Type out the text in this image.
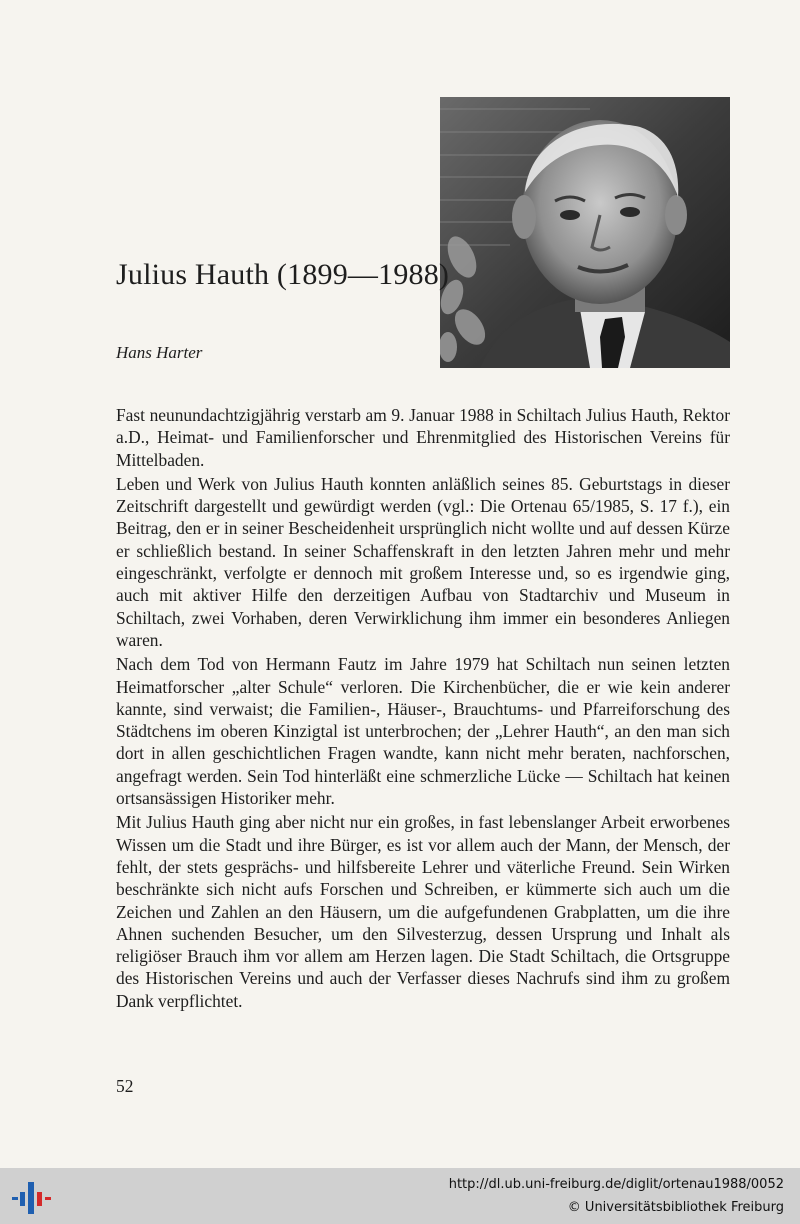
Julius Hauth (1899—1988)
Hans Harter

Fast neunundachtzigjährig verstarb am 9. Januar 1988 in Schiltach Julius Hauth, Rektor a.D., Heimat- und Familienforscher und Ehrenmitglied des Historischen Vereins für Mittelbaden.

Leben und Werk von Julius Hauth konnten anläßlich seines 85. Geburtstags in dieser Zeitschrift dargestellt und gewürdigt werden (vgl.: Die Ortenau 65/1985, S. 17 f.), ein Beitrag, den er in seiner Bescheidenheit ursprünglich nicht wollte und auf dessen Kürze er schließlich bestand. In seiner Schaffenskraft in den letzten Jahren mehr und mehr eingeschränkt, verfolgte er dennoch mit großem Interesse und, so es irgendwie ging, auch mit aktiver Hilfe den derzeitigen Aufbau von Stadtarchiv und Museum in Schiltach, zwei Vorhaben, deren Verwirklichung ihm immer ein besonderes Anliegen waren.

Nach dem Tod von Hermann Fautz im Jahre 1979 hat Schiltach nun seinen letzten Heimatforscher „alter Schule“ verloren. Die Kirchenbücher, die er wie kein anderer kannte, sind verwaist; die Familien-, Häuser-, Brauchtums- und Pfarreiforschung des Städtchens im oberen Kinzigtal ist unterbrochen; der „Lehrer Hauth“, an den man sich dort in allen geschichtlichen Fragen wandte, kann nicht mehr beraten, nachforschen, angefragt werden. Sein Tod hinterläßt eine schmerzliche Lücke — Schiltach hat keinen ortsansässigen Historiker mehr.

Mit Julius Hauth ging aber nicht nur ein großes, in fast lebenslanger Arbeit erworbenes Wissen um die Stadt und ihre Bürger, es ist vor allem auch der Mann, der Mensch, der fehlt, der stets gesprächs- und hilfsbereite Lehrer und väterliche Freund. Sein Wirken beschränkte sich nicht aufs Forschen und Schreiben, er kümmerte sich auch um die Zeichen und Zahlen an den Häusern, um die aufgefundenen Grabplatten, um die ihre Ahnen suchenden Besucher, um den Silvesterzug, dessen Ursprung und Inhalt als religiöser Brauch ihm vor allem am Herzen lagen. Die Stadt Schiltach, die Ortsgruppe des Historischen Vereins und auch der Verfasser dieses Nachrufs sind ihm zu großem Dank verpflichtet.

52
http://dl.ub.uni-freiburg.de/diglit/ortenau1988/0052
© Universitätsbibliothek Freiburg
